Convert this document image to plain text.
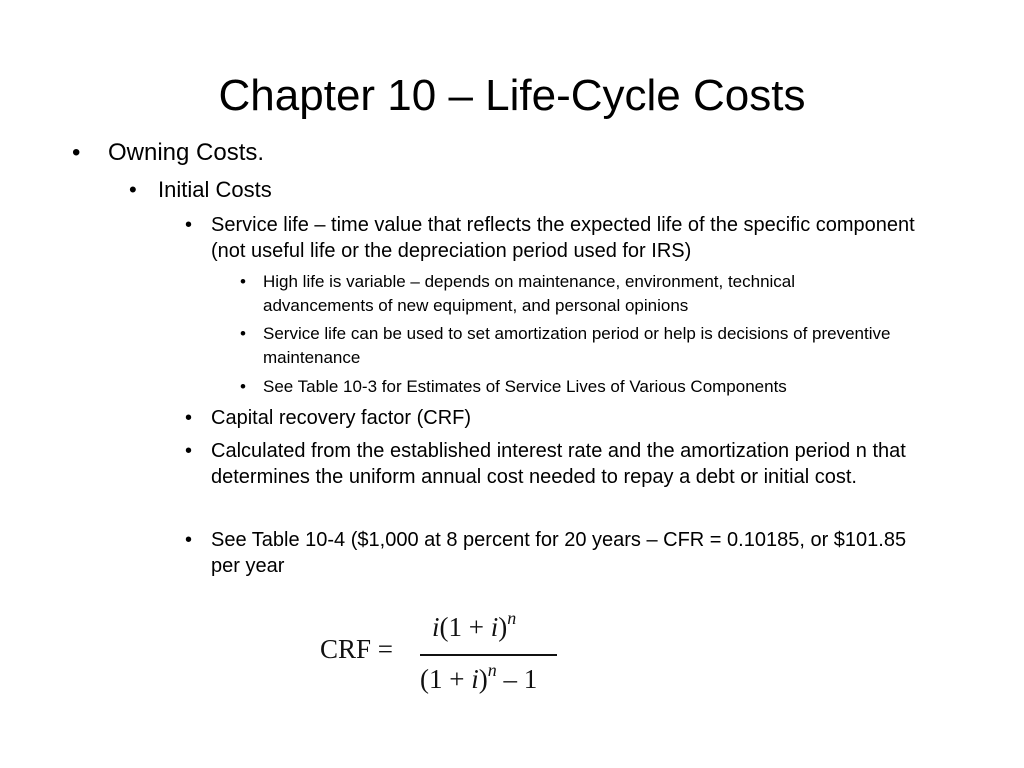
Chapter 10 – Life-Cycle Costs
• Owning Costs.
• Initial Costs
• Service life – time value that reflects the expected life of the specific component (not useful life or the depreciation period used for IRS)
• High life is variable – depends on maintenance, environment, technical advancements of new equipment, and personal opinions
• Service life can be used to set amortization period or help is decisions of preventive maintenance
• See Table 10-3 for Estimates of Service Lives of Various Components
• Capital recovery factor (CRF)
• Calculated from the established interest rate and the amortization period n that determines the uniform annual cost needed to repay a debt or initial cost.
• See Table 10-4 ($1,000 at 8 percent for 20 years – CFR = 0.10185, or $101.85 per year
CRF =
$i(1 + i)^n$
$(1 + i)^n - 1$
